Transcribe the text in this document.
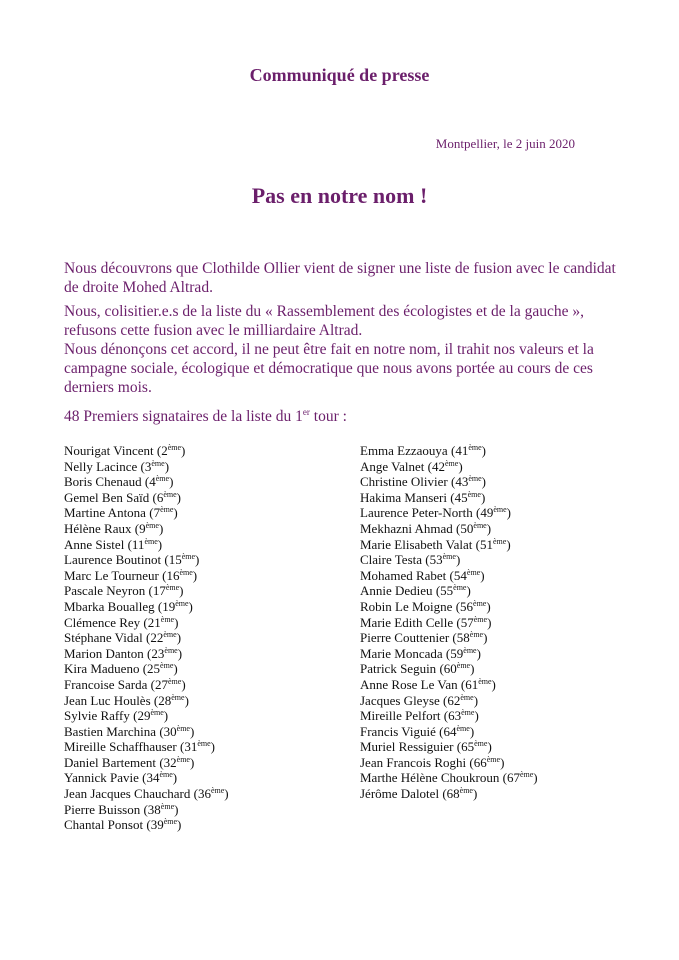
Communiqué de presse

Montpellier, le 2 juin 2020

Pas en notre nom !

Nous découvrons que Clothilde Ollier vient de signer une liste de fusion avec le candidat de droite Mohed Altrad.

Nous, colisitier.e.s de la liste du « Rassemblement des écologistes et de la gauche », refusons cette fusion avec le milliardaire Altrad.

Nous dénonçons cet accord, il ne peut être fait en notre nom, il trahit nos valeurs et la campagne sociale, écologique et démocratique que nous avons portée au cours de ces derniers mois.

48 Premiers signataires de la liste du 1er tour :

Nourigat Vincent (2ème)
Nelly Lacince (3ème)
Boris Chenaud (4ème)
Gemel Ben Saïd (6ème)
Martine Antona (7ème)
Hélène Raux (9ème)
Anne Sistel (11ème)
Laurence Boutinot (15ème)
Marc Le Tourneur (16ème)
Pascale Neyron (17ème)
Mbarka Boualleg (19ème)
Clémence Rey (21ème)
Stéphane Vidal (22ème)
Marion Danton (23ème)
Kira Madueno (25ème)
Francoise Sarda (27ème)
Jean Luc Houlès (28ème)
Sylvie Raffy (29ème)
Bastien Marchina (30ème)
Mireille Schaffhauser (31ème)
Daniel Bartement (32ème)
Yannick Pavie (34ème)
Jean Jacques Chauchard (36ème)
Pierre Buisson (38ème)
Chantal Ponsot (39ème)
Emma Ezzaouya (41ème)
Ange Valnet (42ème)
Christine Olivier (43ème)
Hakima Manseri (45ème)
Laurence Peter-North (49ème)
Mekhazni Ahmad (50ème)
Marie Elisabeth Valat (51ème)
Claire Testa (53ème)
Mohamed Rabet (54ème)
Annie Dedieu (55ème)
Robin Le Moigne (56ème)
Marie Edith Celle (57ème)
Pierre Couttenier (58ème)
Marie Moncada (59ème)
Patrick Seguin (60ème)
Anne Rose Le Van (61ème)
Jacques Gleyse (62ème)
Mireille Pelfort (63ème)
Francis Viguié (64ème)
Muriel Ressiguier (65ème)
Jean Francois Roghi (66ème)
Marthe Hélène Choukroun (67ème)
Jérôme Dalotel (68ème)
